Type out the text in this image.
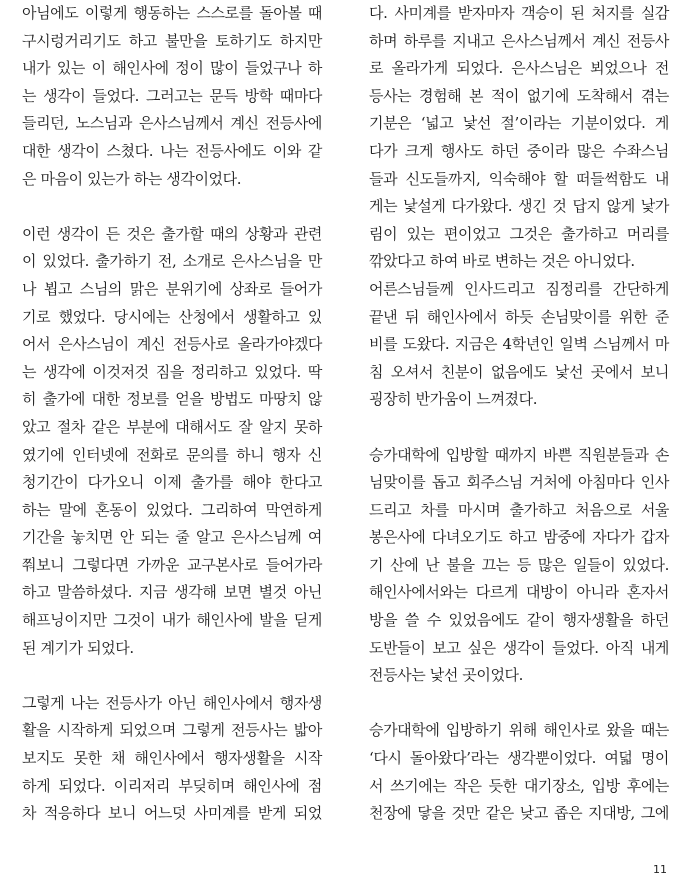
아님에도 이렇게 행동하는 스스로를 돌아볼 때
구시렁거리기도 하고 불만을 토하기도 하지만
내가 있는 이 해인사에 정이 많이 들었구나 하
는 생각이 들었다. 그러고는 문득 방학 때마다
들리던, 노스님과 은사스님께서 계신 전등사에
대한 생각이 스쳤다. 나는 전등사에도 이와 같
은 마음이 있는가 하는 생각이었다.
이런 생각이 든 것은 출가할 때의 상황과 관련
이 있었다. 출가하기 전, 소개로 은사스님을 만
나 뵙고 스님의 맑은 분위기에 상좌로 들어가
기로 했었다. 당시에는 산청에서 생활하고 있
어서 은사스님이 계신 전등사로 올라가야겠다
는 생각에 이것저것 짐을 정리하고 있었다. 딱
히 출가에 대한 정보를 얻을 방법도 마땅치 않
았고 절차 같은 부분에 대해서도 잘 알지 못하
였기에 인터넷에 전화로 문의를 하니 행자 신
청기간이 다가오니 이제 출가를 해야 한다고
하는 말에 혼동이 있었다. 그리하여 막연하게
기간을 놓치면 안 되는 줄 알고 은사스님께 여
쭤보니 그렇다면 가까운 교구본사로 들어가라
하고 말씀하셨다. 지금 생각해 보면 별것 아닌
해프닝이지만 그것이 내가 해인사에 발을 딛게
된 계기가 되었다.
그렇게 나는 전등사가 아닌 해인사에서 행자생
활을 시작하게 되었으며 그렇게 전등사는 밟아
보지도 못한 채 해인사에서 행자생활을 시작
하게 되었다. 이리저리 부딪히며 해인사에 점
차 적응하다 보니 어느덧 사미계를 받게 되었
다. 사미계를 받자마자 객승이 된 처지를 실감
하며 하루를 지내고 은사스님께서 계신 전등사
로 올라가게 되었다. 은사스님은 뵈었으나 전
등사는 경험해 본 적이 없기에 도착해서 겪는
기분은 ‘넓고 낯선 절’이라는 기분이었다. 게
다가 크게 행사도 하던 중이라 많은 수좌스님
들과 신도들까지, 익숙해야 할 떠들썩함도 내
게는 낯설게 다가왔다. 생긴 것 답지 않게 낯가
림이 있는 편이었고 그것은 출가하고 머리를
깎았다고 하여 바로 변하는 것은 아니었다.
어른스님들께 인사드리고 짐정리를 간단하게
끝낸 뒤 해인사에서 하듯 손님맞이를 위한 준
비를 도왔다. 지금은 4학년인 일벽 스님께서 마
침 오셔서 친분이 없음에도 낯선 곳에서 보니
굉장히 반가움이 느껴졌다.
승가대학에 입방할 때까지 바쁜 직원분들과 손
님맞이를 돕고 회주스님 거처에 아침마다 인사
드리고 차를 마시며 출가하고 처음으로 서울
봉은사에 다녀오기도 하고 밤중에 자다가 갑자
기 산에 난 불을 끄는 등 많은 일들이 있었다.
해인사에서와는 다르게 대방이 아니라 혼자서
방을 쓸 수 있었음에도 같이 행자생활을 하던
도반들이 보고 싶은 생각이 들었다. 아직 내게
전등사는 낯선 곳이었다.
승가대학에 입방하기 위해 해인사로 왔을 때는
‘다시 돌아왔다’라는 생각뿐이었다. 여덟 명이
서 쓰기에는 작은 듯한 대기장소, 입방 후에는
천장에 닿을 것만 같은 낮고 좁은 지대방, 그에
11
